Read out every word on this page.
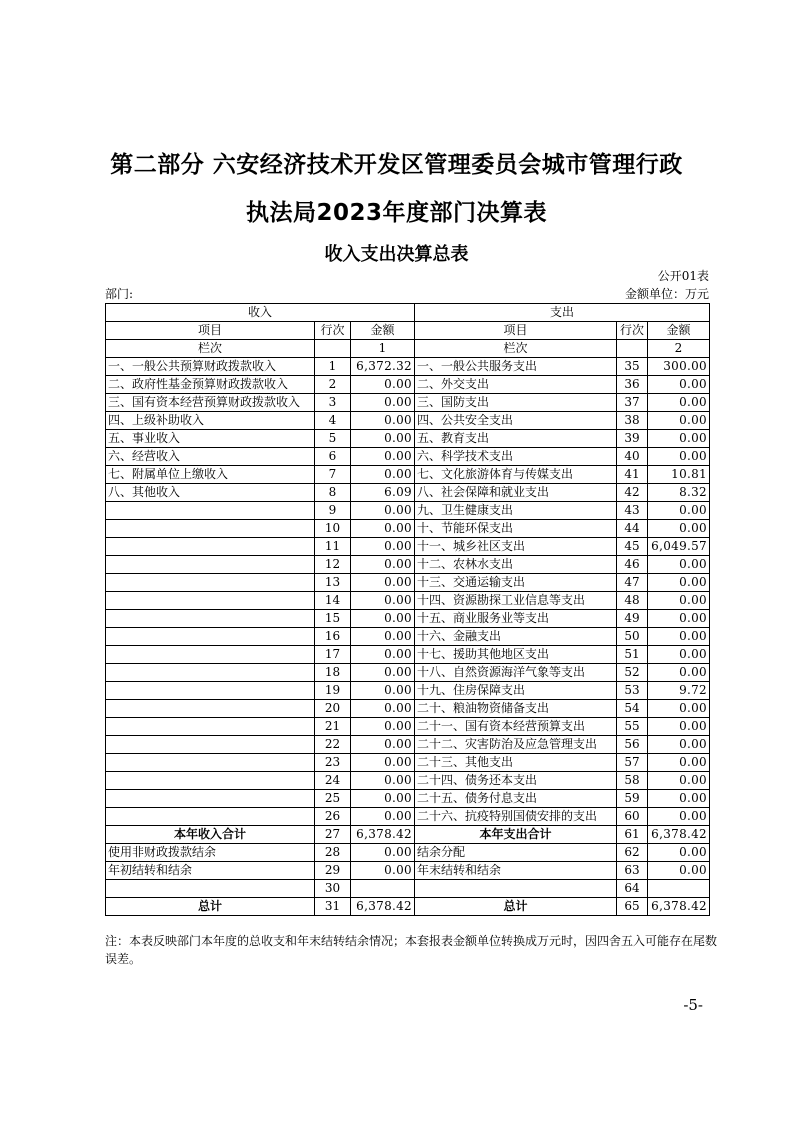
第二部分 六安经济技术开发区管理委员会城市管理行政
执法局2023年度部门决算表
收入支出决算总表
公开01表
部门:	金额单位：万元
收入			支出		
项目	行次	金额	项目	行次	金额
栏次		1	栏次		2
一、一般公共预算财政拨款收入	1	6,372.32	一、一般公共服务支出	35	300.00
二、政府性基金预算财政拨款收入	2	0.00	二、外交支出	36	0.00
三、国有资本经营预算财政拨款收入	3	0.00	三、国防支出	37	0.00
四、上级补助收入	4	0.00	四、公共安全支出	38	0.00
五、事业收入	5	0.00	五、教育支出	39	0.00
六、经营收入	6	0.00	六、科学技术支出	40	0.00
七、附属单位上缴收入	7	0.00	七、文化旅游体育与传媒支出	41	10.81
八、其他收入	8	6.09	八、社会保障和就业支出	42	8.32
	9	0.00	九、卫生健康支出	43	0.00
	10	0.00	十、节能环保支出	44	0.00
	11	0.00	十一、城乡社区支出	45	6,049.57
	12	0.00	十二、农林水支出	46	0.00
	13	0.00	十三、交通运输支出	47	0.00
	14	0.00	十四、资源勘探工业信息等支出	48	0.00
	15	0.00	十五、商业服务业等支出	49	0.00
	16	0.00	十六、金融支出	50	0.00
	17	0.00	十七、援助其他地区支出	51	0.00
	18	0.00	十八、自然资源海洋气象等支出	52	0.00
	19	0.00	十九、住房保障支出	53	9.72
	20	0.00	二十、粮油物资储备支出	54	0.00
	21	0.00	二十一、国有资本经营预算支出	55	0.00
	22	0.00	二十二、灾害防治及应急管理支出	56	0.00
	23	0.00	二十三、其他支出	57	0.00
	24	0.00	二十四、债务还本支出	58	0.00
	25	0.00	二十五、债务付息支出	59	0.00
	26	0.00	二十六、抗疫特别国债安排的支出	60	0.00
本年收入合计	27	6,378.42	本年支出合计	61	6,378.42
使用非财政拨款结余	28	0.00	结余分配	62	0.00
年初结转和结余	29	0.00	年末结转和结余	63	0.00
	30			64	
总计	31	6,378.42	总计	65	6,378.42
注：本表反映部门本年度的总收支和年末结转结余情况；本套报表金额单位转换成万元时，因四舍五入可能存在尾数误差。
-5-
